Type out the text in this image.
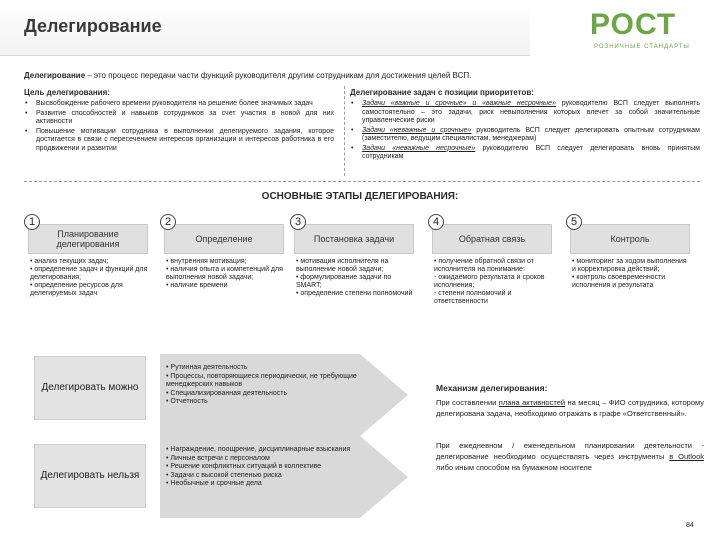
Делегирование	РОСТ
РОЗНИЧНЫЕ СТАНДАРТЫ
Делегирование – это процесс передачи части функций руководителя другим сотрудникам для достижения целей ВСП.
Цель делегирования:
• Высвобождение рабочего времени руководителя на решение более значимых задач
• Развитие способностей и навыков сотрудников за счет участия в новой для них активности
• Повышение мотивации сотрудника в выполнении делегируемого задания, которое достигается в связи с пересечением интересов организации и интересов работника в его продвижении и развитии
Делегирование задач с позиции приоритетов:
• Задачи «важные и срочные» и «важные несрочные» руководителю ВСП следует выполнять самостоятельно – это задачи, риск невыполнения которых влечет за собой значительные управленческие риски
• Задачи «неважные и срочные» руководитель ВСП следует делегировать опытным сотрудникам (заместителю, ведущим специалистам, менеджерам)
• Задачи «неважные несрочные» руководителю ВСП следует делегировать вновь принятым сотрудникам
ОСНОВНЫЕ ЭТАПЫ ДЕЛЕГИРОВАНИЯ:
1
Планирование делегирования
• анализ текущих задач;
• определение задач и функций для делегирования;
• определение ресурсов для делегируемых задач
2
Определение
• внутренняя мотивация;
• наличия опыта и компетенций для выполнения новой задачи;
• наличие времени
3
Постановка задачи
• мотивация исполнителя на выполнение новой задачи;
• формулирование задачи по SMART;
• определение степени полномочий
4
Обратная связь
• получение обратной связи от исполнителя на понимание:
- ожидаемого результата и сроков исполнения;
- степени полномочий и ответственности
5
Контроль
• мониторинг за ходом выполнения и корректировка действий;
• контроль своевременности исполнения и результата
Делегировать можно
• Рутинная деятельность
• Процессы, повторяющиеся периодически, не требующие менеджерских навыков
• Специализированная деятельность
• Отчетность
Делегировать нельзя
• Награждение, поощрение, дисциплинарные взыскания
• Личные встречи с персоналом
• Решение конфликтных ситуаций в коллективе
• Задачи с высокой степенью риска
• Необычные и срочные дела
Механизм делегирования:
При составлении плана активностей на месяц – ФИО сотрудника, которому делегирована задача, необходимо отражать в графе «Ответственный».
При ежедневном / еженедельном планировании деятельности - делегирование необходимо осуществлять через инструменты в Outlook либо иным способом на бумажном носителе
84
